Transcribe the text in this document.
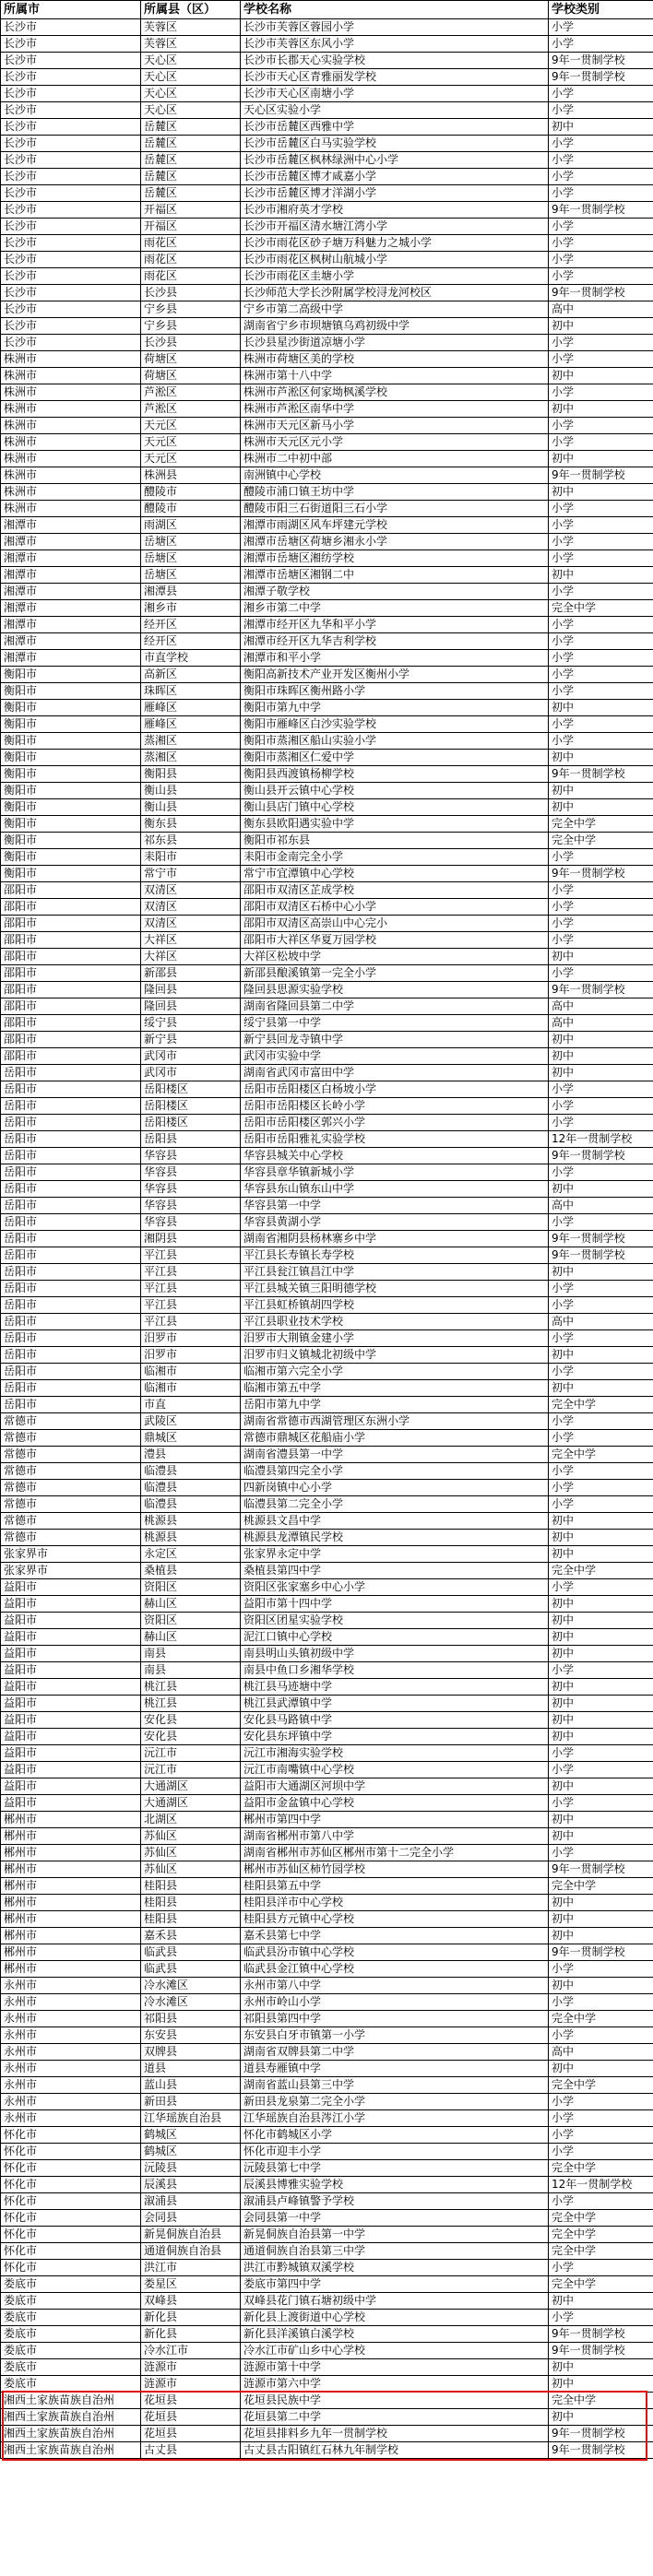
所属市	所属县（区）	学校名称	学校类别
长沙市	芙蓉区	长沙市芙蓉区蓉园小学	小学
长沙市	芙蓉区	长沙市芙蓉区东风小学	小学
长沙市	天心区	长沙市长郡天心实验学校	9年一贯制学校
长沙市	天心区	长沙市天心区青雅丽发学校	9年一贯制学校
长沙市	天心区	长沙市天心区南塘小学	小学
长沙市	天心区	天心区实验小学	小学
长沙市	岳麓区	长沙市岳麓区西雅中学	初中
长沙市	岳麓区	长沙市岳麓区白马实验学校	小学
长沙市	岳麓区	长沙市岳麓区枫林绿洲中心小学	小学
长沙市	岳麓区	长沙市岳麓区博才咸嘉小学	小学
长沙市	岳麓区	长沙市岳麓区博才洋湖小学	小学
长沙市	开福区	长沙市湘府英才学校	9年一贯制学校
长沙市	开福区	长沙市开福区清水塘江湾小学	小学
长沙市	雨花区	长沙市雨花区砂子塘万科魅力之城小学	小学
长沙市	雨花区	长沙市雨花区枫树山航城小学	小学
长沙市	雨花区	长沙市雨花区圭塘小学	小学
长沙市	长沙县	长沙师范大学长沙附属学校浔龙河校区	9年一贯制学校
长沙市	宁乡县	宁乡市第二高级中学	高中
长沙市	宁乡县	湖南省宁乡市坝塘镇乌鸡初级中学	初中
长沙市	长沙县	长沙县星沙街道凉塘小学	小学
株洲市	荷塘区	株洲市荷塘区美的学校	小学
株洲市	荷塘区	株洲市第十八中学	初中
株洲市	芦淞区	株洲市芦淞区何家坳枫溪学校	小学
株洲市	芦淞区	株洲市芦淞区南华中学	初中
株洲市	天元区	株洲市天元区新马小学	小学
株洲市	天元区	株洲市天元区元小学	小学
株洲市	天元区	株洲市二中初中部	初中
株洲市	株洲县	南洲镇中心学校	9年一贯制学校
株洲市	醴陵市	醴陵市浦口镇王坊中学	初中
株洲市	醴陵市	醴陵市阳三石街道阳三石小学	小学
湘潭市	雨湖区	湘潭市雨湖区风车坪建元学校	小学
湘潭市	岳塘区	湘潭市岳塘区荷塘乡湘永小学	小学
湘潭市	岳塘区	湘潭市岳塘区湘纺学校	小学
湘潭市	岳塘区	湘潭市岳塘区湘钢二中	初中
湘潭市	湘潭县	湘潭子敬学校	小学
湘潭市	湘乡市	湘乡市第二中学	完全中学
湘潭市	经开区	湘潭市经开区九华和平小学	小学
湘潭市	经开区	湘潭市经开区九华吉利学校	小学
湘潭市	市直学校	湘潭市和平小学	小学
衡阳市	高新区	衡阳高新技术产业开发区衡州小学	小学
衡阳市	珠晖区	衡阳市珠晖区衡州路小学	小学
衡阳市	雁峰区	衡阳市第九中学	初中
衡阳市	雁峰区	衡阳市雁峰区白沙实验学校	小学
衡阳市	蒸湘区	衡阳市蒸湘区船山实验小学	小学
衡阳市	蒸湘区	衡阳市蒸湘区仁爱中学	初中
衡阳市	衡阳县	衡阳县西渡镇杨柳学校	9年一贯制学校
衡阳市	衡山县	衡山县开云镇中心学校	初中
衡阳市	衡山县	衡山县店门镇中心学校	初中
衡阳市	衡东县	衡东县欧阳遇实验中学	完全中学
衡阳市	祁东县	衡阳市祁东县	完全中学
衡阳市	耒阳市	耒阳市金南完全小学	小学
衡阳市	常宁市	常宁市宜潭镇中心学校	9年一贯制学校
邵阳市	双清区	邵阳市双清区芷成学校	小学
邵阳市	双清区	邵阳市双清区石桥中心小学	小学
邵阳市	双清区	邵阳市双清区高崇山中心完小	小学
邵阳市	大祥区	邵阳市大祥区华夏万园学校	小学
邵阳市	大祥区	大祥区松坡中学	初中
邵阳市	新邵县	新邵县酿溪镇第一完全小学	小学
邵阳市	隆回县	隆回县思源实验学校	9年一贯制学校
邵阳市	隆回县	湖南省隆回县第二中学	高中
邵阳市	绥宁县	绥宁县第一中学	高中
邵阳市	新宁县	新宁县回龙寺镇中学	初中
邵阳市	武冈市	武冈市实验中学	初中
岳阳市	武冈市	湖南省武冈市富田中学	初中
岳阳市	岳阳楼区	岳阳市岳阳楼区白杨坡小学	小学
岳阳市	岳阳楼区	岳阳市岳阳楼区长岭小学	小学
岳阳市	岳阳楼区	岳阳市岳阳楼区郭兴小学	小学
岳阳市	岳阳县	岳阳市岳阳雅礼实验学校	12年一贯制学校
岳阳市	华容县	华容县城关中心学校	9年一贯制学校
岳阳市	华容县	华容县章华镇新城小学	小学
岳阳市	华容县	华容县东山镇东山中学	初中
岳阳市	华容县	华容县第一中学	高中
岳阳市	华容县	华容县黄湖小学	小学
岳阳市	湘阴县	湖南省湘阴县杨林寨乡中学	9年一贯制学校
岳阳市	平江县	平江县长寿镇长寿学校	9年一贯制学校
岳阳市	平江县	平江县瓮江镇昌江中学	初中
岳阳市	平江县	平江县城关镇三阳明德学校	小学
岳阳市	平江县	平江县虹桥镇胡四学校	小学
岳阳市	平江县	平江县职业技术学校	高中
岳阳市	汨罗市	汨罗市大荆镇金建小学	小学
岳阳市	汨罗市	汨罗市归义镇城北初级中学	初中
岳阳市	临湘市	临湘市第六完全小学	小学
岳阳市	临湘市	临湘市第五中学	初中
岳阳市	市直	岳阳市第九中学	完全中学
常德市	武陵区	湖南省常德市西湖管理区东洲小学	小学
常德市	鼎城区	常德市鼎城区花船庙小学	小学
常德市	澧县	湖南省澧县第一中学	完全中学
常德市	临澧县	临澧县第四完全小学	小学
常德市	临澧县	四新岗镇中心小学	小学
常德市	临澧县	临澧县第二完全小学	小学
常德市	桃源县	桃源县文昌中学	初中
常德市	桃源县	桃源县龙潭镇民学校	初中
张家界市	永定区	张家界永定中学	初中
张家界市	桑植县	桑植县第四中学	完全中学
益阳市	资阳区	资阳区张家塞乡中心小学	小学
益阳市	赫山区	益阳市第十四中学	初中
益阳市	资阳区	资阳区团星实验学校	初中
益阳市	赫山区	泥江口镇中心学校	初中
益阳市	南县	南县明山头镇初级中学	初中
益阳市	南县	南县中鱼口乡湘华学校	小学
益阳市	桃江县	桃江县马迹塘中学	初中
益阳市	桃江县	桃江县武潭镇中学	初中
益阳市	安化县	安化县马路镇中学	初中
益阳市	安化县	安化县东坪镇中学	初中
益阳市	沅江市	沅江市湘海实验学校	小学
益阳市	沅江市	沅江市南嘴镇中心学校	小学
益阳市	大通湖区	益阳市大通湖区河坝中学	初中
益阳市	大通湖区	益阳市金盆镇中心学校	小学
郴州市	北湖区	郴州市第四中学	初中
郴州市	苏仙区	湖南省郴州市第八中学	初中
郴州市	苏仙区	湖南省郴州市苏仙区郴州市第十二完全小学	小学
郴州市	苏仙区	郴州市苏仙区柿竹园学校	9年一贯制学校
郴州市	桂阳县	桂阳县第五中学	完全中学
郴州市	桂阳县	桂阳县洋市中心学校	初中
郴州市	桂阳县	桂阳县方元镇中心学校	初中
郴州市	嘉禾县	嘉禾县第七中学	初中
郴州市	临武县	临武县汾市镇中心学校	9年一贯制学校
郴州市	临武县	临武县金江镇中心学校	小学
永州市	冷水滩区	永州市第八中学	初中
永州市	冷水滩区	永州市岭山小学	小学
永州市	祁阳县	祁阳县第四中学	完全中学
永州市	东安县	东安县白牙市镇第一小学	小学
永州市	双牌县	湖南省双牌县第二中学	高中
永州市	道县	道县寿雁镇中学	初中
永州市	蓝山县	湖南省蓝山县第三中学	完全中学
永州市	新田县	新田县龙泉第二完全小学	小学
永州市	江华瑶族自治县	江华瑶族自治县涔江小学	小学
怀化市	鹤城区	怀化市鹤城区小学	小学
怀化市	鹤城区	怀化市迎丰小学	小学
怀化市	沅陵县	沅陵县第七中学	完全中学
怀化市	辰溪县	辰溪县博雅实验学校	12年一贯制学校
怀化市	溆浦县	溆浦县卢峰镇警予学校	小学
怀化市	会同县	会同县第一中学	完全中学
怀化市	新晃侗族自治县	新晃侗族自治县第一中学	完全中学
怀化市	通道侗族自治县	通道侗族自治县第三中学	完全中学
怀化市	洪江市	洪江市黔城镇双溪学校	小学
娄底市	娄星区	娄底市第四中学	完全中学
娄底市	双峰县	双峰县花门镇石塘初级中学	初中
娄底市	新化县	新化县上渡街道中心学校	小学
娄底市	新化县	新化县洋溪镇白溪学校	9年一贯制学校
娄底市	冷水江市	冷水江市矿山乡中心学校	9年一贯制学校
娄底市	涟源市	涟源市第十中学	初中
娄底市	涟源市	涟源市第六中学	初中
湘西土家族苗族自治州	花垣县	花垣县民族中学	完全中学
湘西土家族苗族自治州	花垣县	花垣县第二中学	初中
湘西土家族苗族自治州	花垣县	花垣县排料乡九年一贯制学校	9年一贯制学校
湘西土家族苗族自治州	古丈县	古丈县古阳镇红石林九年制学校	9年一贯制学校
